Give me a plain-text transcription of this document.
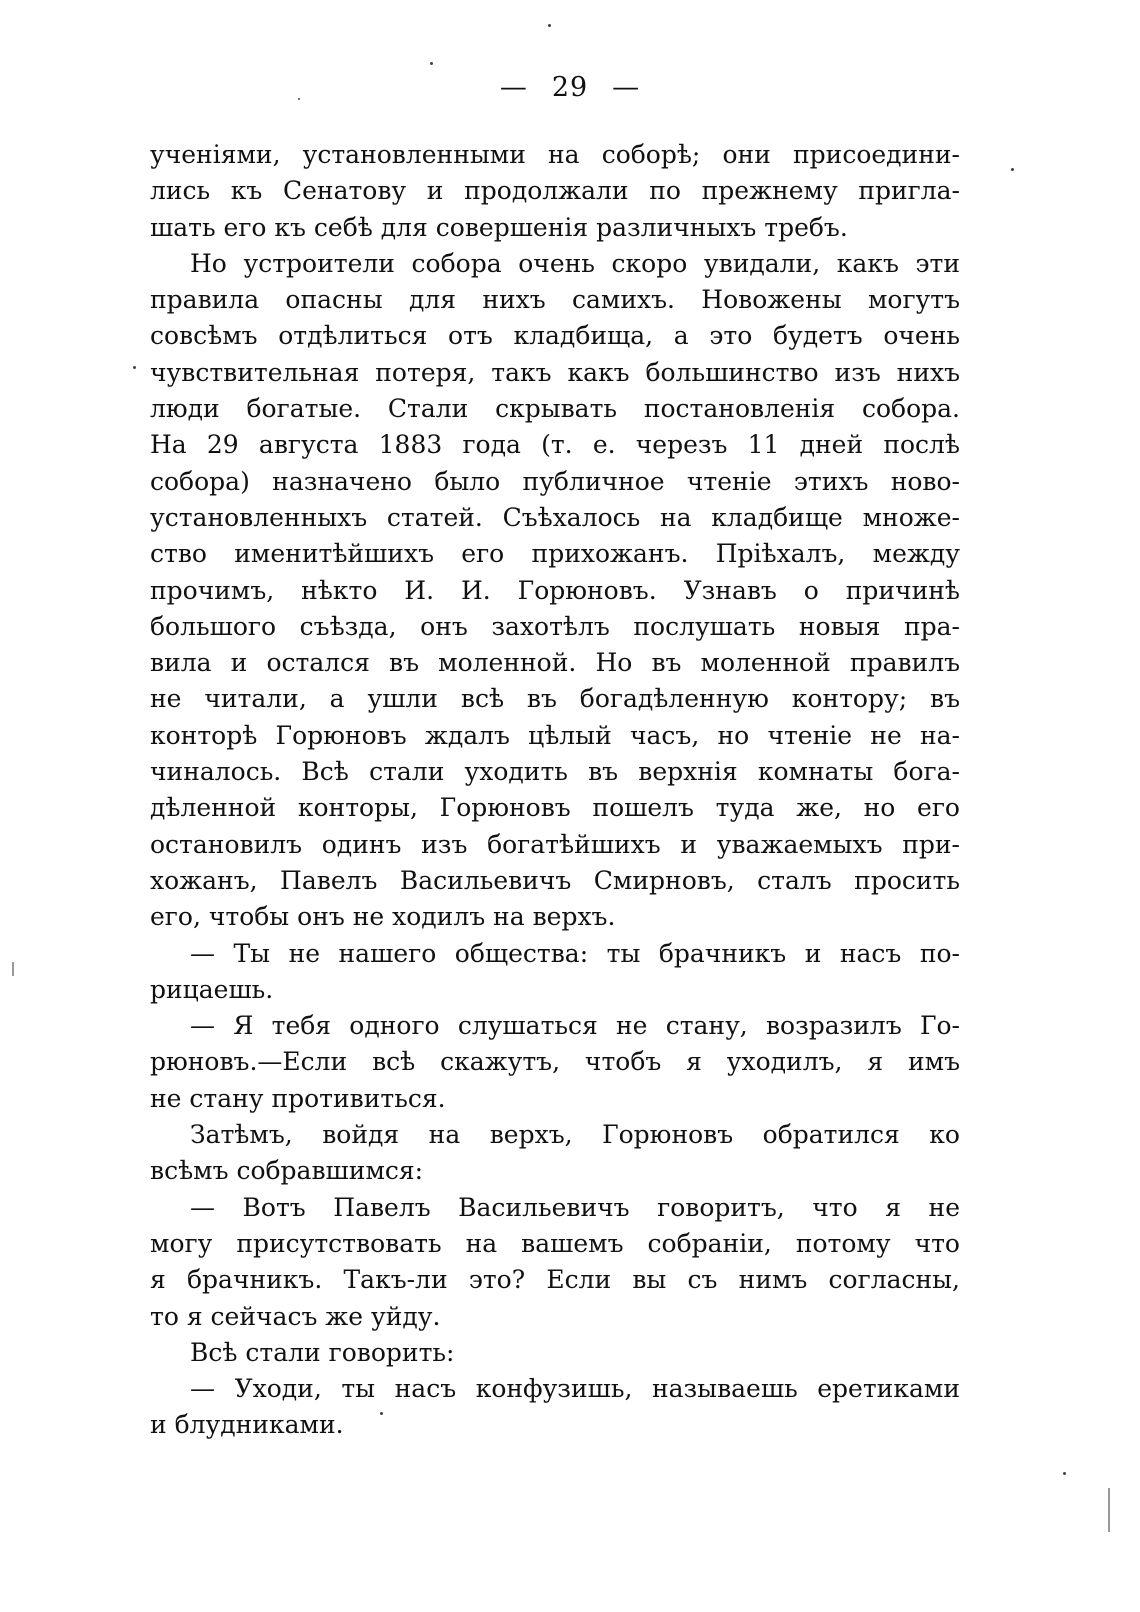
— 29 —
ученіями, установленными на соборѣ; они присоедини-
лись къ Сенатову и продолжали по прежнему пригла-
шать его къ себѣ для совершенія различныхъ требъ.
Но устроители собора очень скоро увидали, какъ эти
правила опасны для нихъ самихъ. Новожены могутъ
совсѣмъ отдѣлиться отъ кладбища, а это будетъ очень
чувствительная потеря, такъ какъ большинство изъ нихъ
люди богатые. Стали скрывать постановленія собора.
На 29 августа 1883 года (т. е. черезъ 11 дней послѣ
собора) назначено было публичное чтеніе этихъ ново-
установленныхъ статей. Съѣхалось на кладбище множе-
ство именитѣйшихъ его прихожанъ. Пріѣхалъ, между
прочимъ, нѣкто И. И. Горюновъ. Узнавъ о причинѣ
большого съѣзда, онъ захотѣлъ послушать новыя пра-
вила и остался въ моленной. Но въ моленной правилъ
не читали, а ушли всѣ въ богадѣленную контору; въ
конторѣ Горюновъ ждалъ цѣлый часъ, но чтеніе не на-
чиналось. Всѣ стали уходить въ верхнія комнаты бога-
дѣленной конторы, Горюновъ пошелъ туда же, но его
остановилъ одинъ изъ богатѣйшихъ и уважаемыхъ при-
хожанъ, Павелъ Васильевичъ Смирновъ, сталъ просить
его, чтобы онъ не ходилъ на верхъ.
— Ты не нашего общества: ты брачникъ и насъ по-
рицаешь.
— Я тебя одного слушаться не стану, возразилъ Го-
рюновъ.—Если всѣ скажутъ, чтобъ я уходилъ, я имъ
не стану противиться.
Затѣмъ, войдя на верхъ, Горюновъ обратился ко
всѣмъ собравшимся:
— Вотъ Павелъ Васильевичъ говоритъ, что я не
могу присутствовать на вашемъ собраніи, потому что
я брачникъ. Такъ-ли это? Если вы съ нимъ согласны,
то я сейчасъ же уйду.
Всѣ стали говорить:
— Уходи, ты насъ конфузишь, называешь еретиками
и блудниками.
